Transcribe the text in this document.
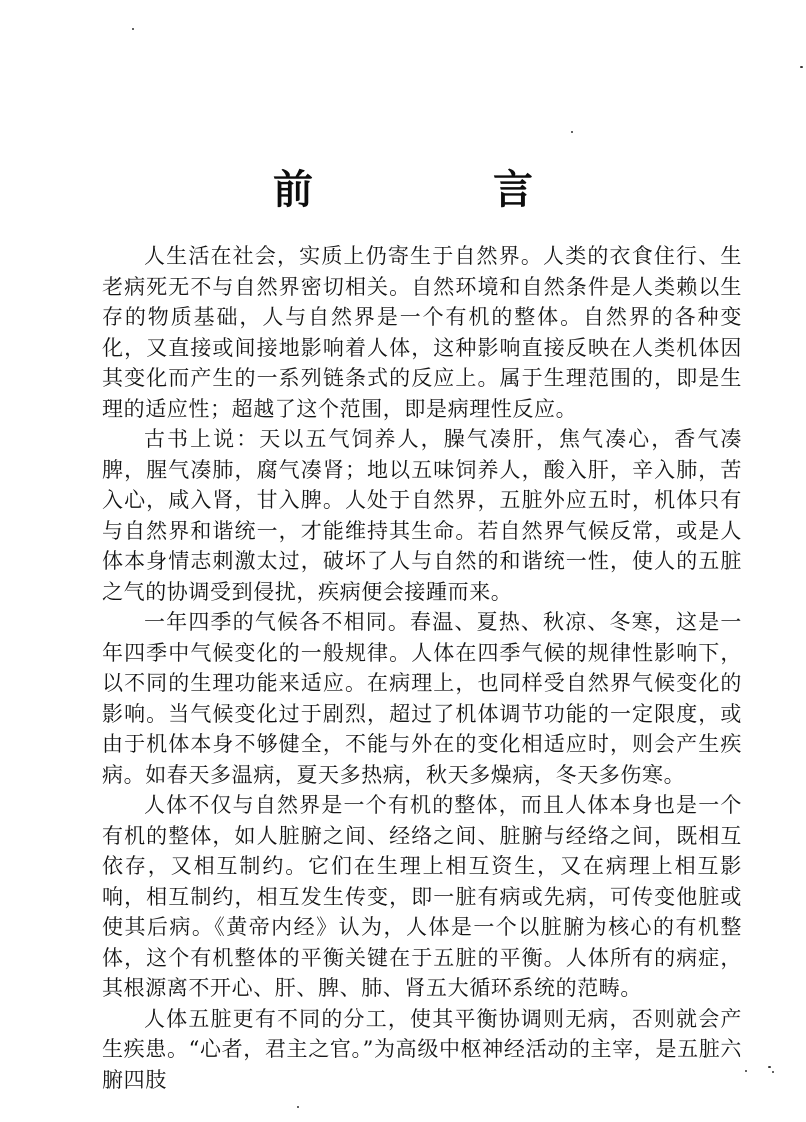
前　言

人生活在社会，实质上仍寄生于自然界。人类的衣食住行、生老病死无不与自然界密切相关。自然环境和自然条件是人类赖以生存的物质基础，人与自然界是一个有机的整体。自然界的各种变化，又直接或间接地影响着人体，这种影响直接反映在人类机体因其变化而产生的一系列链条式的反应上。属于生理范围的，即是生理的适应性；超越了这个范围，即是病理性反应。

古书上说：天以五气饲养人，臊气凑肝，焦气凑心，香气凑脾，腥气凑肺，腐气凑肾；地以五味饲养人，酸入肝，辛入肺，苦入心，咸入肾，甘入脾。人处于自然界，五脏外应五时，机体只有与自然界和谐统一，才能维持其生命。若自然界气候反常，或是人体本身情志刺激太过，破坏了人与自然的和谐统一性，使人的五脏之气的协调受到侵扰，疾病便会接踵而来。

一年四季的气候各不相同。春温、夏热、秋凉、冬寒，这是一年四季中气候变化的一般规律。人体在四季气候的规律性影响下，以不同的生理功能来适应。在病理上，也同样受自然界气候变化的影响。当气候变化过于剧烈，超过了机体调节功能的一定限度，或由于机体本身不够健全，不能与外在的变化相适应时，则会产生疾病。如春天多温病，夏天多热病，秋天多燥病，冬天多伤寒。

人体不仅与自然界是一个有机的整体，而且人体本身也是一个有机的整体，如人脏腑之间、经络之间、脏腑与经络之间，既相互依存，又相互制约。它们在生理上相互资生，又在病理上相互影响，相互制约，相互发生传变，即一脏有病或先病，可传变他脏或使其后病。《黄帝内经》认为，人体是一个以脏腑为核心的有机整体，这个有机整体的平衡关键在于五脏的平衡。人体所有的病症，其根源离不开心、肝、脾、肺、肾五大循环系统的范畴。

人体五脏更有不同的分工，使其平衡协调则无病，否则就会产生疾患。“心者，君主之官。”为高级中枢神经活动的主宰，是五脏六腑四肢
